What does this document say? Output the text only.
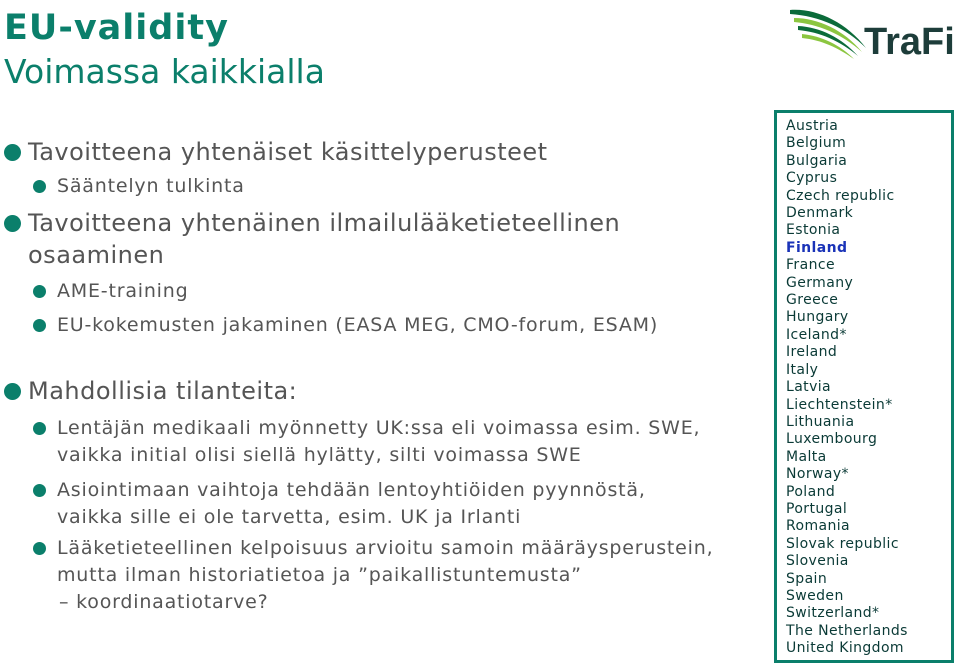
EU-validity
Voimassa kaikkialla
TraFi
Tavoitteena yhtenäiset käsittelyperusteet
Sääntelyn tulkinta
Tavoitteena yhtenäinen ilmailulääketieteellinen
osaaminen
AME-training
EU-kokemusten jakaminen (EASA MEG, CMO-forum, ESAM)
Mahdollisia tilanteita:
Lentäjän medikaali myönnetty UK:ssa eli voimassa esim. SWE,
vaikka initial olisi siellä hylätty, silti voimassa SWE
Asiointimaan vaihtoja tehdään lentoyhtiöiden pyynnöstä,
vaikka sille ei ole tarvetta, esim. UK ja Irlanti
Lääketieteellinen kelpoisuus arvioitu samoin määräysperustein,
mutta ilman historiatietoa ja ”paikallistuntemusta”
– koordinaatiotarve?
Austria
Belgium
Bulgaria
Cyprus
Czech republic
Denmark
Estonia
Finland
France
Germany
Greece
Hungary
Iceland*
Ireland
Italy
Latvia
Liechtenstein*
Lithuania
Luxembourg
Malta
Norway*
Poland
Portugal
Romania
Slovak republic
Slovenia
Spain
Sweden
Switzerland*
The Netherlands
United Kingdom
